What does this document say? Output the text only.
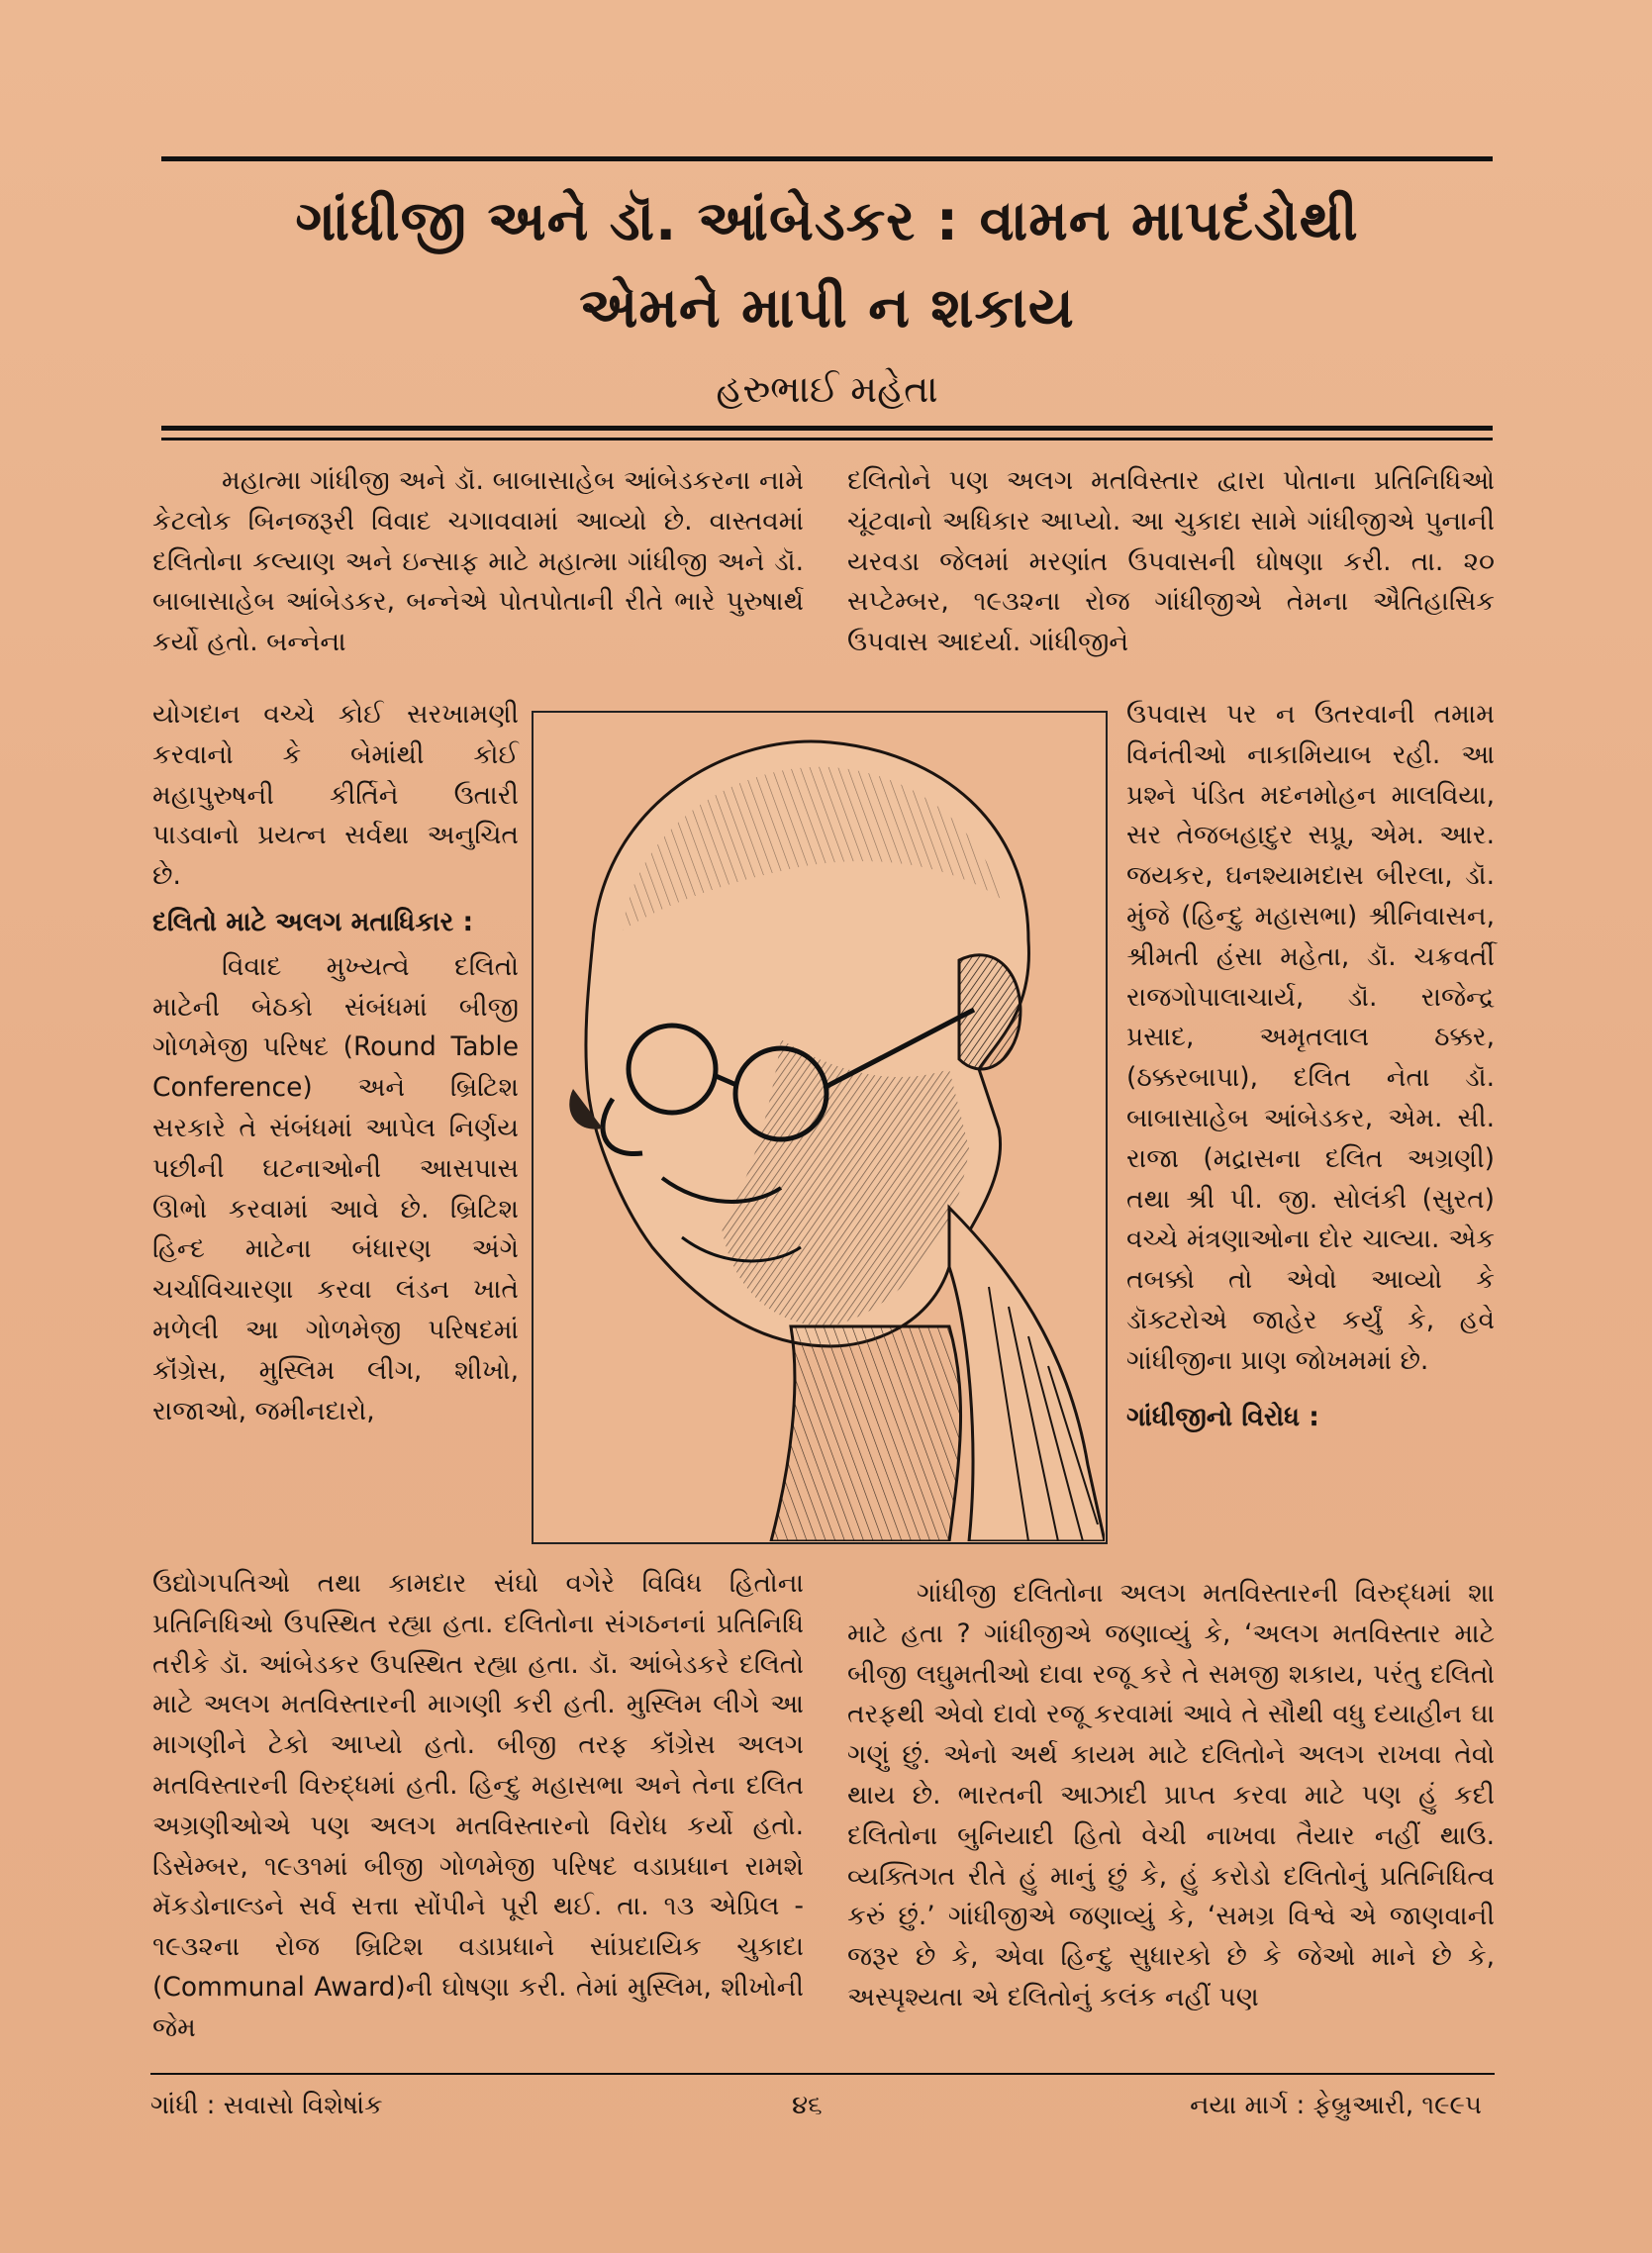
ગાંધીજી અને ડૉ. આંબેડકર : વામન માપદંડોથી
એમને માપી ન શકાય
હરુભાઈ મહેતા

મહાત્મા ગાંધીજી અને ડૉ. બાબાસાહેબ આંબેડકરના નામે કેટલોક બિનજરૂરી વિવાદ ચગાવવામાં આવ્યો છે. વાસ્તવમાં દલિતોના કલ્યાણ અને ઇન્સાફ માટે મહાત્મા ગાંધીજી અને ડૉ. બાબાસાહેબ આંબેડકર, બન્નેએ પોતપોતાની રીતે ભારે પુરુષાર્થ કર્યો હતો. બન્નેના

યોગદાન વચ્ચે કોઈ સરખામણી કરવાનો કે બેમાંથી કોઈ મહાપુરુષની કીર્તિને ઉતારી પાડવાનો પ્રયત્ન સર્વથા અનુચિત છે.

દલિતો માટે અલગ મતાધિકાર :

વિવાદ મુખ્યત્વે દલિતો માટેની બેઠકો સંબંધમાં બીજી ગોળમેજી પરિષદ (Round Table Conference) અને બ્રિટિશ સરકારે તે સંબંધમાં આપેલ નિર્ણય પછીની ઘટનાઓની આસપાસ ઊભો કરવામાં આવે છે. બ્રિટિશ હિન્દ માટેના બંધારણ અંગે ચર્ચાવિચારણા કરવા લંડન ખાતે મળેલી આ ગોળમેજી પરિષદમાં કૉંગ્રેસ, મુસ્લિમ લીગ, શીખો, રાજાઓ, જમીનદારો,

ઉદ્યોગપતિઓ તથા કામદાર સંઘો વગેરે વિવિધ હિતોના પ્રતિનિધિઓ ઉપસ્થિત રહ્યા હતા. દલિતોના સંગઠનનાં પ્રતિનિધિ તરીકે ડૉ. આંબેડકર ઉપસ્થિત રહ્યા હતા. ડૉ. આંબેડકરે દલિતો માટે અલગ મતવિસ્તારની માગણી કરી હતી. મુસ્લિમ લીગે આ માગણીને ટેકો આપ્યો હતો. બીજી તરફ કૉંગ્રેસ અલગ મતવિસ્તારની વિરુદ્ધમાં હતી. હિન્દુ મહાસભા અને તેના દલિત અગ્રણીઓએ પણ અલગ મતવિસ્તારનો વિરોધ કર્યો હતો. ડિસેમ્બર, ૧૯૩૧માં બીજી ગોળમેજી પરિષદ વડાપ્રધાન રામશે મૅકડોનાલ્ડને સર્વ સત્તા સોંપીને પૂરી થઈ. તા. ૧૩ એપ્રિલ - ૧૯૩૨ના રોજ બ્રિટિશ વડાપ્રધાને સાંપ્રદાયિક ચુકાદા (Communal Award)ની ઘોષણા કરી. તેમાં મુસ્લિમ, શીખોની જેમ

દલિતોને પણ અલગ મતવિસ્તાર દ્વારા પોતાના પ્રતિનિધિઓ ચૂંટવાનો અધિકાર આપ્યો. આ ચુકાદા સામે ગાંધીજીએ પુનાની યરવડા જેલમાં મરણાંત ઉપવાસની ઘોષણા કરી. તા. ૨૦ સપ્ટેમ્બર, ૧૯૩૨ના રોજ ગાંધીજીએ તેમના ઐતિહાસિક ઉપવાસ આદર્યા. ગાંધીજીને

ઉપવાસ પર ન ઉતરવાની તમામ વિનંતીઓ નાકામિયાબ રહી. આ પ્રશ્ને પંડિત મદનમોહન માલવિયા, સર તેજબહાદુર સપ્રૂ, એમ. આર. જયકર, ઘનશ્યામદાસ બીરલા, ડૉ. મુંજે (હિન્દુ મહાસભા) શ્રીનિવાસન, શ્રીમતી હંસા મહેતા, ડૉ. ચક્રવર્તી રાજગોપાલાચાર્ય, ડૉ. રાજેન્દ્ર પ્રસાદ, અમૃતલાલ ઠક્કર, (ઠક્કરબાપા), દલિત નેતા ડૉ. બાબાસાહેબ આંબેડકર, એમ. સી. રાજા (મદ્રાસના દલિત અગ્રણી) તથા શ્રી પી. જી. સોલંકી (સુરત) વચ્ચે મંત્રણાઓના દોર ચાલ્યા. એક તબક્કો તો એવો આવ્યો કે ડૉક્ટરોએ જાહેર કર્યું કે, હવે ગાંધીજીના પ્રાણ જોખમમાં છે.

ગાંધીજીનો વિરોધ :

ગાંધીજી દલિતોના અલગ મતવિસ્તારની વિરુદ્ધમાં શા માટે હતા ? ગાંધીજીએ જણાવ્યું કે, ‘અલગ મતવિસ્તાર માટે બીજી લઘુમતીઓ દાવા રજૂ કરે તે સમજી શકાય, પરંતુ દલિતો તરફથી એવો દાવો રજૂ કરવામાં આવે તે સૌથી વધુ દયાહીન ઘા ગણું છું. એનો અર્થ કાયમ માટે દલિતોને અલગ રાખવા તેવો થાય છે. ભારતની આઝાદી પ્રાપ્ત કરવા માટે પણ હું કદી દલિતોના બુનિયાદી હિતો વેચી નાખવા તૈયાર નહીં થાઉ. વ્યક્તિગત રીતે હું માનું છું કે, હું કરોડો દલિતોનું પ્રતિનિધિત્વ કરું છું.’ ગાંધીજીએ જણાવ્યું કે, ‘સમગ્ર વિશ્વે એ જાણવાની જરૂર છે કે, એવા હિન્દુ સુધારકો છે કે જેઓ માને છે કે, અસ્પૃશ્યતા એ દલિતોનું કલંક નહીં પણ

ગાંધી : સવાસો વિશેષાંક	૪૬	નયા માર્ગ : ફેબ્રુઆરી, ૧૯૯૫
